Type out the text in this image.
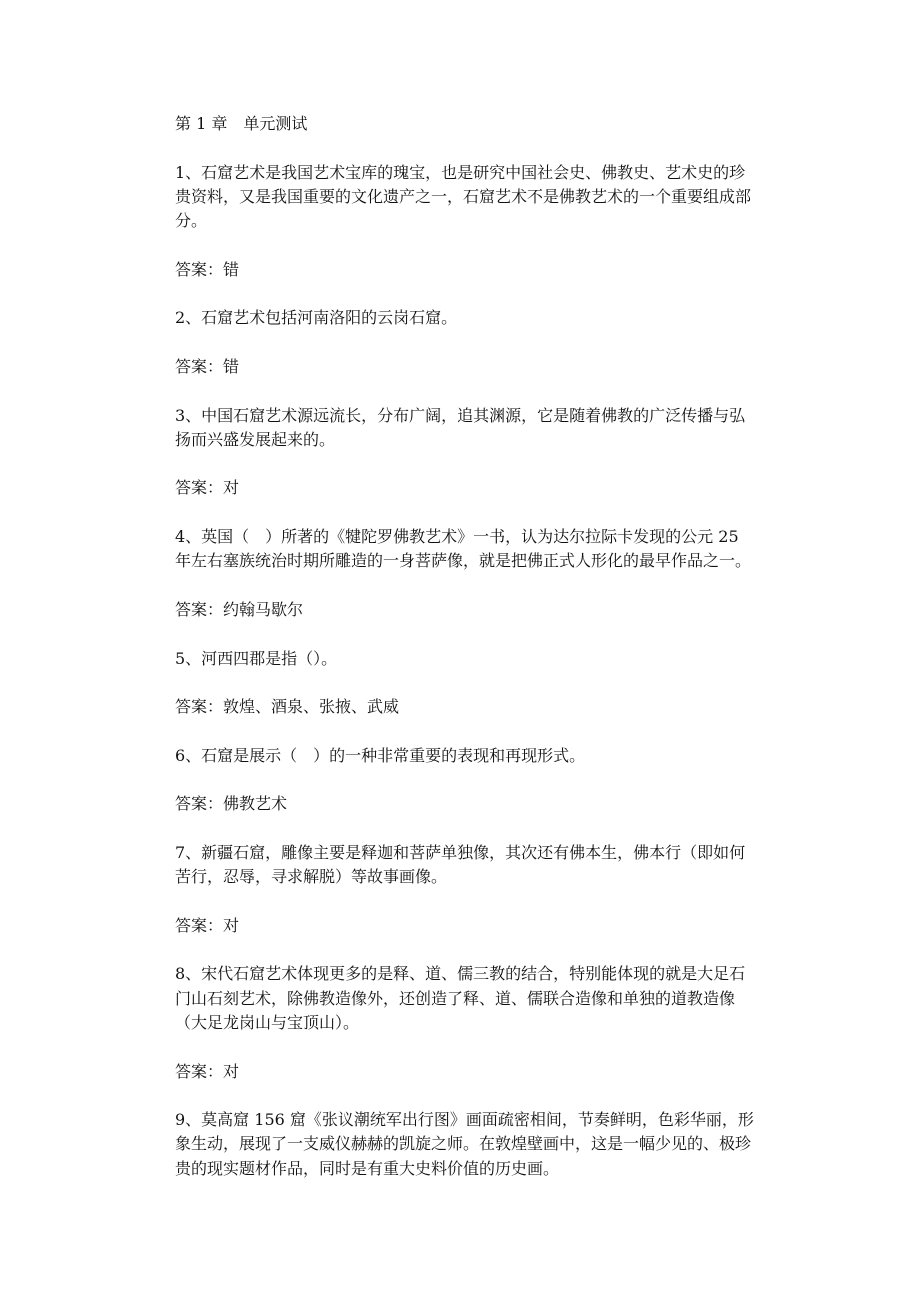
第 1 章　单元测试

1、石窟艺术是我国艺术宝库的瑰宝，也是研究中国社会史、佛教史、艺术史的珍贵资料，又是我国重要的文化遗产之一，石窟艺术不是佛教艺术的一个重要组成部分。

答案：错

2、石窟艺术包括河南洛阳的云岗石窟。

答案：错

3、中国石窟艺术源远流长，分布广阔，追其渊源，它是随着佛教的广泛传播与弘扬而兴盛发展起来的。

答案：对

4、英国（　）所著的《犍陀罗佛教艺术》一书，认为达尔拉际卡发现的公元 25 年左右塞族统治时期所雕造的一身菩萨像，就是把佛正式人形化的最早作品之一。

答案：约翰马歇尔

5、河西四郡是指（）。

答案：敦煌、酒泉、张掖、武威

6、石窟是展示（　）的一种非常重要的表现和再现形式。

答案：佛教艺术

7、新疆石窟，雕像主要是释迦和菩萨单独像，其次还有佛本生，佛本行（即如何苦行，忍辱，寻求解脱）等故事画像。

答案：对

8、宋代石窟艺术体现更多的是释、道、儒三教的结合，特别能体现的就是大足石门山石刻艺术，除佛教造像外，还创造了释、道、儒联合造像和单独的道教造像（大足龙岗山与宝顶山）。

答案：对

9、莫高窟 156 窟《张议潮统军出行图》画面疏密相间，节奏鲜明，色彩华丽，形象生动，展现了一支威仪赫赫的凯旋之师。在敦煌壁画中，这是一幅少见的、极珍贵的现实题材作品，同时是有重大史料价值的历史画。
